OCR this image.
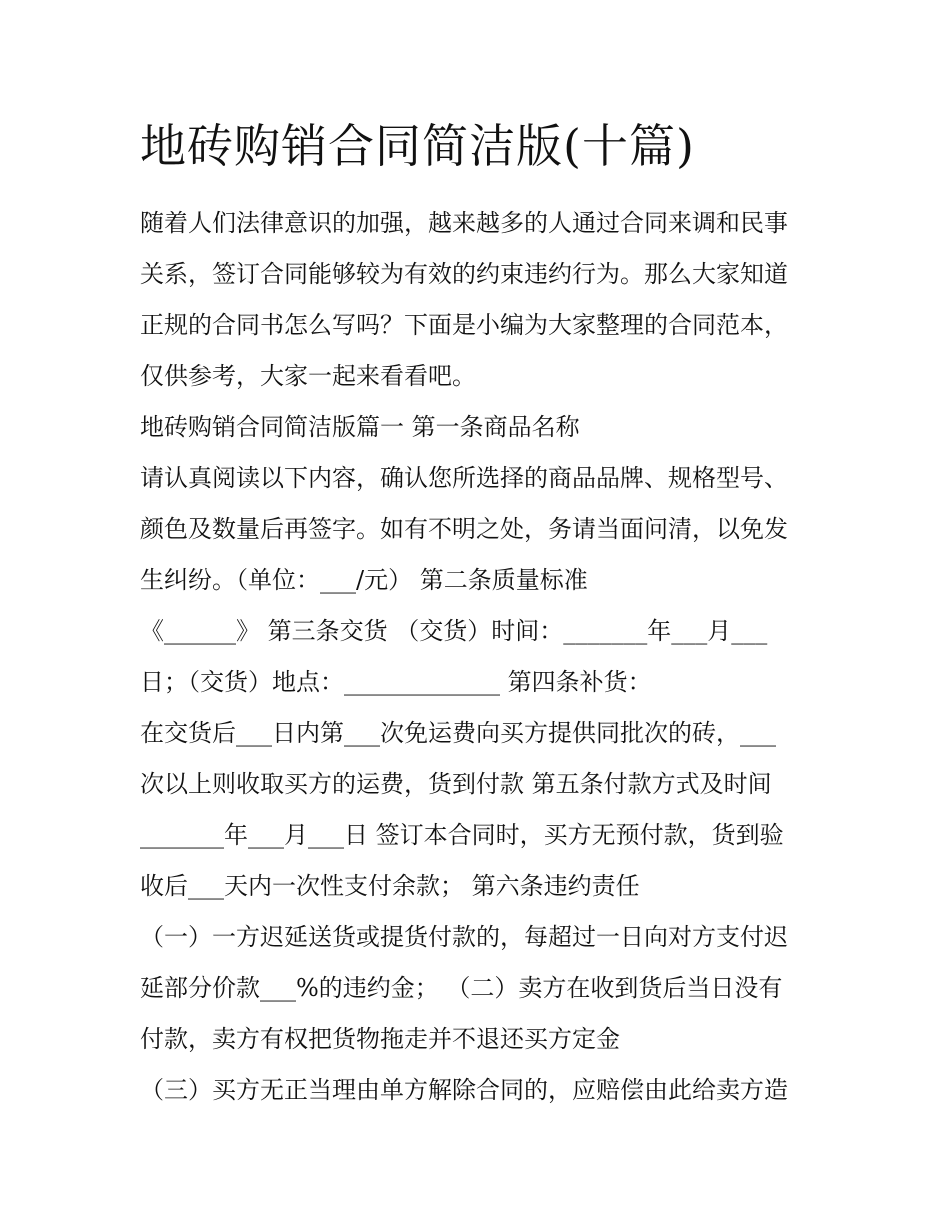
地砖购销合同简洁版(十篇)
随着人们法律意识的加强，越来越多的人通过合同来调和民事
关系，签订合同能够较为有效的约束违约行为。那么大家知道
正规的合同书怎么写吗？下面是小编为大家整理的合同范本，
仅供参考，大家一起来看看吧。
地砖购销合同简洁版篇一 第一条商品名称
请认真阅读以下内容，确认您所选择的商品品牌、规格型号、
颜色及数量后再签字。如有不明之处，务请当面问清，以免发
生纠纷。（单位：___/元） 第二条质量标准
《______》 第三条交货 （交货）时间：_______年___月___
日；（交货）地点：_____________ 第四条补货：
在交货后___日内第___次免运费向买方提供同批次的砖，___
次以上则收取买方的运费，货到付款 第五条付款方式及时间
_______年___月___日 签订本合同时，买方无预付款，货到验
收后___天内一次性支付余款； 第六条违约责任
（一）一方迟延送货或提货付款的，每超过一日向对方支付迟
延部分价款___%的违约金； （二）卖方在收到货后当日没有
付款，卖方有权把货物拖走并不退还买方定金
（三）买方无正当理由单方解除合同的，应赔偿由此给卖方造
